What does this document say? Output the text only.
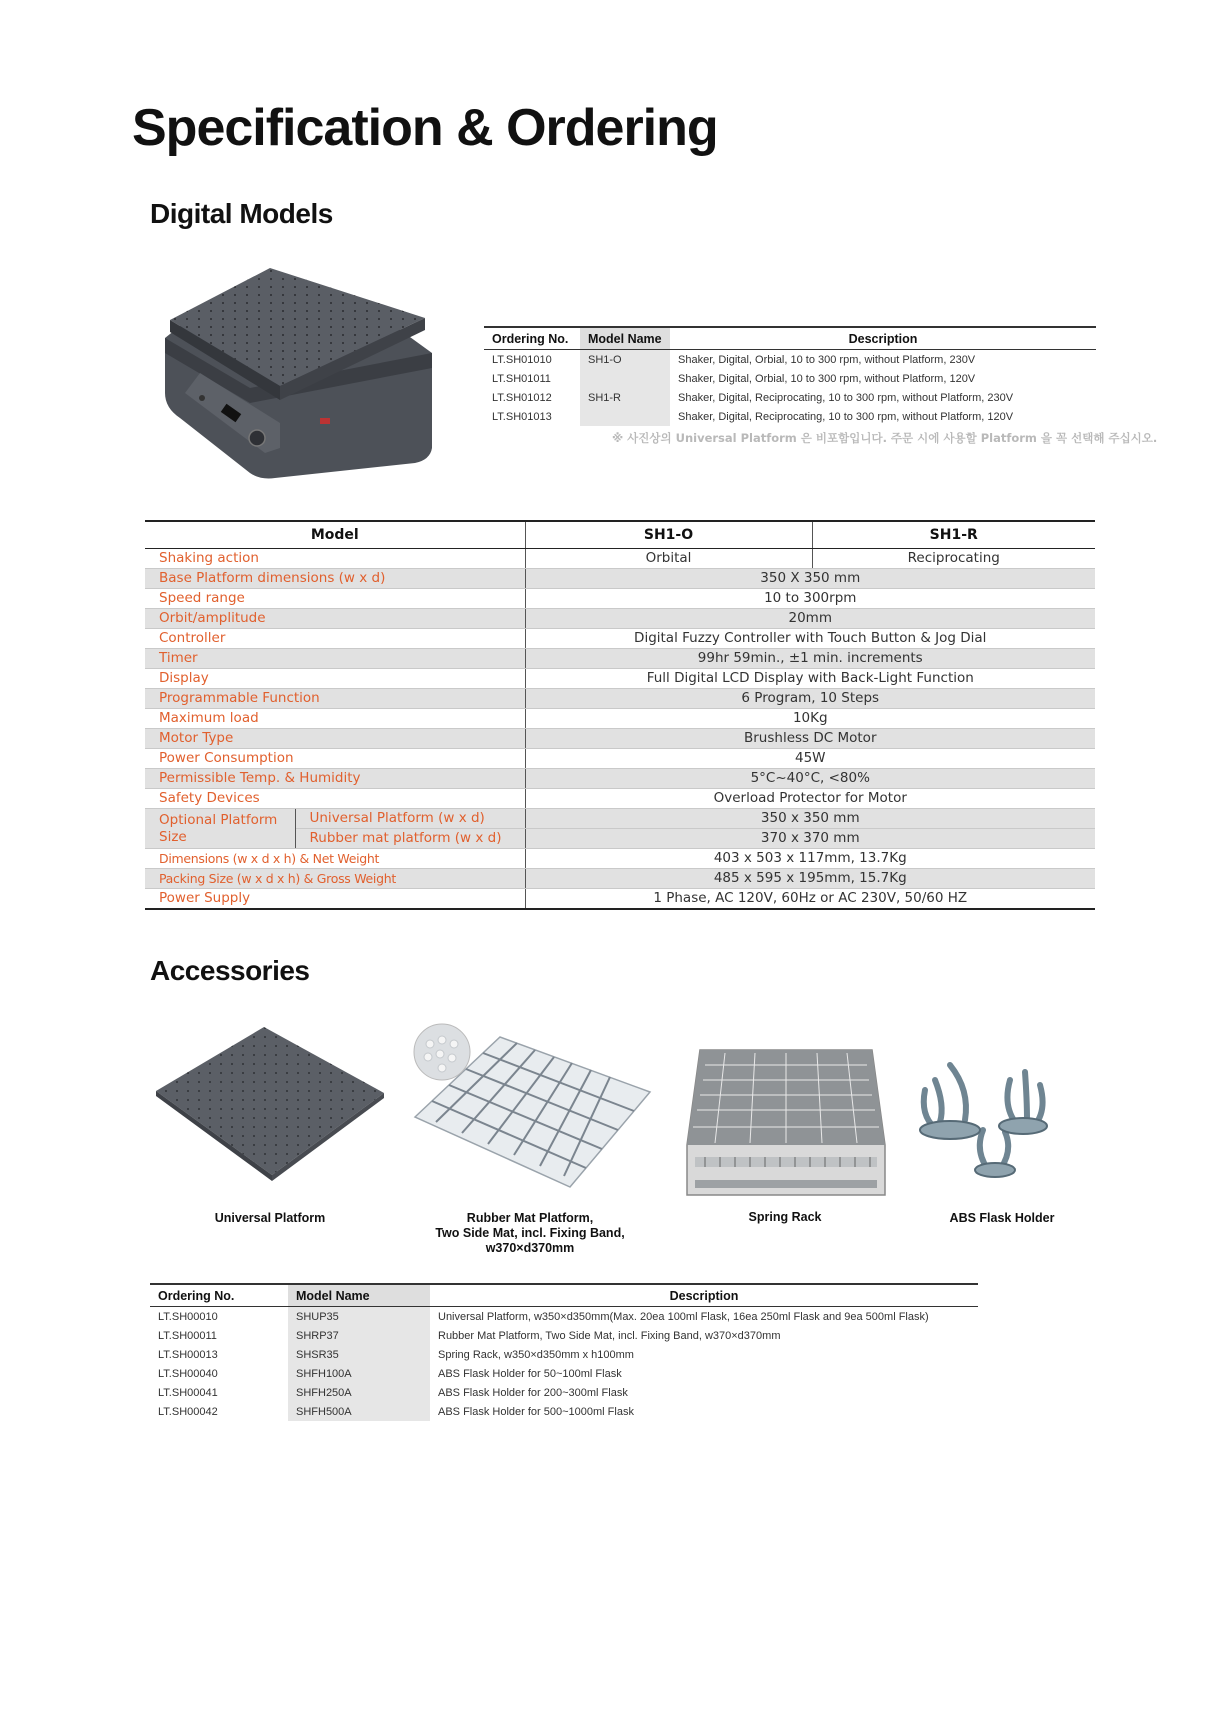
Specification & Ordering
Digital Models
Ordering No.	Model Name	Description
LT.SH01010	SH1-O	Shaker, Digital, Orbial, 10 to 300 rpm, without Platform, 230V
LT.SH01011		Shaker, Digital, Orbial, 10 to 300 rpm, without Platform, 120V
LT.SH01012	SH1-R	Shaker, Digital, Reciprocating, 10 to 300 rpm, without Platform, 230V
LT.SH01013		Shaker, Digital, Reciprocating, 10 to 300 rpm, without Platform, 120V
※ 사진상의 Universal Platform 은 비포함입니다. 주문 시에 사용할 Platform 을 꼭 선택해 주십시오.
Model		SH1-O	SH1-R
Shaking action		Orbital	Reciprocating
Base Platform dimensions (w x d)		350 X 350 mm	
Speed range		10 to 300rpm	
Orbit/amplitude		20mm	
Controller		Digital Fuzzy Controller with Touch Button & Jog Dial	
Timer		99hr 59min., ±1 min. increments	
Display		Full Digital LCD Display with Back-Light Function	
Programmable Function		6 Program, 10 Steps	
Maximum load		10Kg	
Motor Type		Brushless DC Motor	
Power Consumption		45W	
Permissible Temp. & Humidity		5°C~40°C, <80%	
Safety Devices		Overload Protector for Motor	
Optional Platform Size	Universal Platform (w x d)	350 x 350 mm	
	Rubber mat platform (w x d)	370 x 370 mm	
Dimensions (w x d x h) & Net Weight		403 x 503 x 117mm, 13.7Kg	
Packing Size (w x d x h) & Gross Weight		485 x 595 x 195mm, 15.7Kg	
Power Supply		1 Phase, AC 120V, 60Hz or AC 230V, 50/60 HZ	
Accessories
Universal Platform	Rubber Mat Platform,
Two Side Mat, incl. Fixing Band,
w370×d370mm
Spring Rack	ABS Flask Holder
Ordering No.	Model Name	Description
LT.SH00010	SHUP35	Universal Platform, w350×d350mm(Max. 20ea 100ml Flask, 16ea 250ml Flask and 9ea 500ml Flask)
LT.SH00011	SHRP37	Rubber Mat Platform, Two Side Mat, incl. Fixing Band, w370×d370mm
LT.SH00013	SHSR35	Spring Rack, w350×d350mm x h100mm
LT.SH00040	SHFH100A	ABS Flask Holder for 50~100ml Flask
LT.SH00041	SHFH250A	ABS Flask Holder for 200~300ml Flask
LT.SH00042	SHFH500A	ABS Flask Holder for 500~1000ml Flask
